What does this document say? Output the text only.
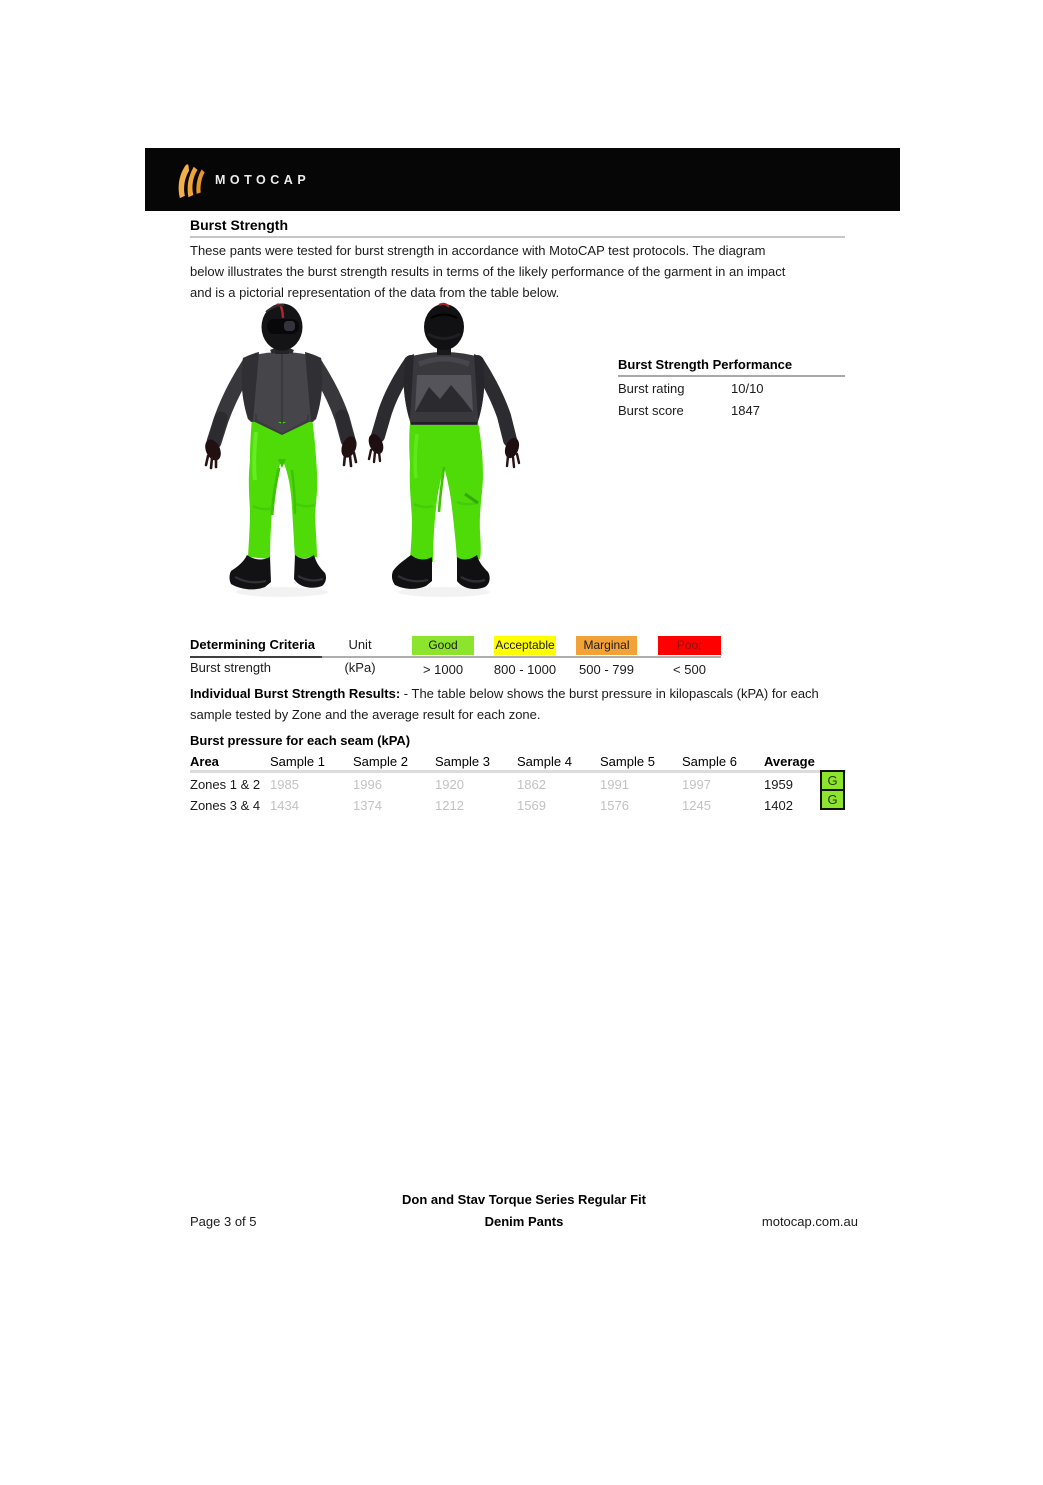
MOTOCAP
Burst Strength
These pants were tested for burst strength in accordance with MotoCAP test protocols. The diagram
below illustrates the burst strength results in terms of the likely performance of the garment in an impact
and is a pictorial representation of the data from the table below.
Burst Strength Performance
Burst rating	10/10
Burst score	1847
Determining Criteria	Unit	Good	Acceptable	Marginal	Poor
Burst strength	(kPa)	> 1000	800 - 1000	500 - 799	< 500
Individual Burst Strength Results: - The table below shows the burst pressure in kilopascals (kPA) for each
sample tested by Zone and the average result for each zone.
Burst pressure for each seam (kPA)
Area	Sample 1 Sample 2 Sample 3 Sample 4 Sample 5 Sample 6 Average
Zones 1 & 2 1985	1996	1920	1862	1991	1997	1959	G
Zones 3 & 4 1434	1374	1212	1569	1576	1245	1402	G
Page 3 of 5
Don and Stav Torque Series Regular Fit
Denim Pants	motocap.com.au
